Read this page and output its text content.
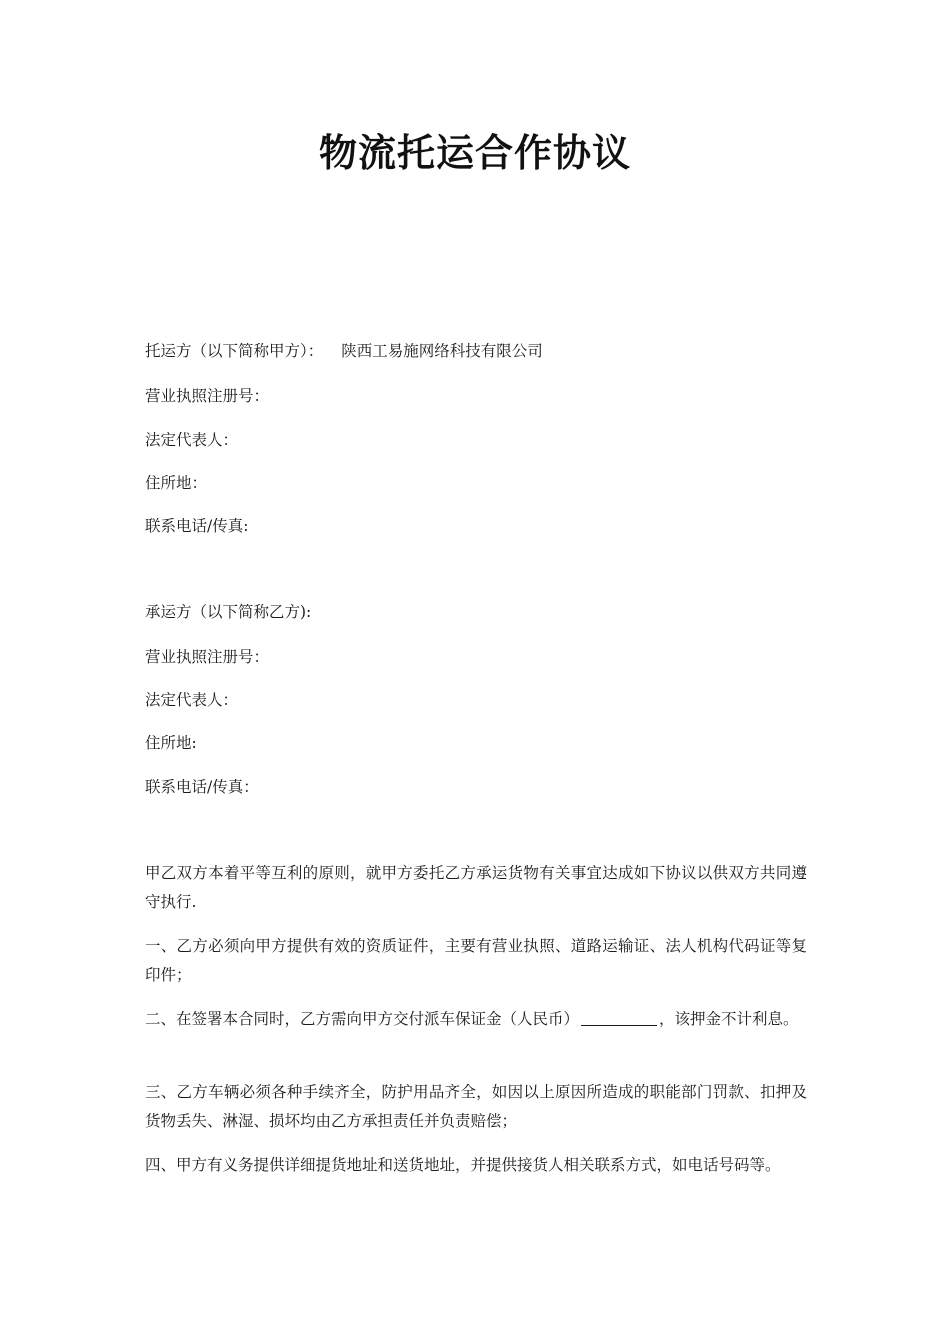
物流托运合作协议
托运方（以下简称甲方）： 陕西工易施网络科技有限公司
营业执照注册号：
法定代表人：
住所地：
联系电话/传真:
承运方（以下简称乙方):
营业执照注册号：
法定代表人：
住所地:
联系电话/传真：
甲乙双方本着平等互利的原则，就甲方委托乙方承运货物有关事宜达成如下协议以供双方共同遵守执行.
一、乙方必须向甲方提供有效的资质证件，主要有营业执照、道路运输证、法人机构代码证等复印件；
二、在签署本合同时，乙方需向甲方交付派车保证金（人民币）	，该押金不计利息。
三、乙方车辆必须各种手续齐全，防护用品齐全，如因以上原因所造成的职能部门罚款、扣押及货物丢失、淋湿、损坏均由乙方承担责任并负责赔偿；
四、甲方有义务提供详细提货地址和送货地址，并提供接货人相关联系方式，如电话号码等。
